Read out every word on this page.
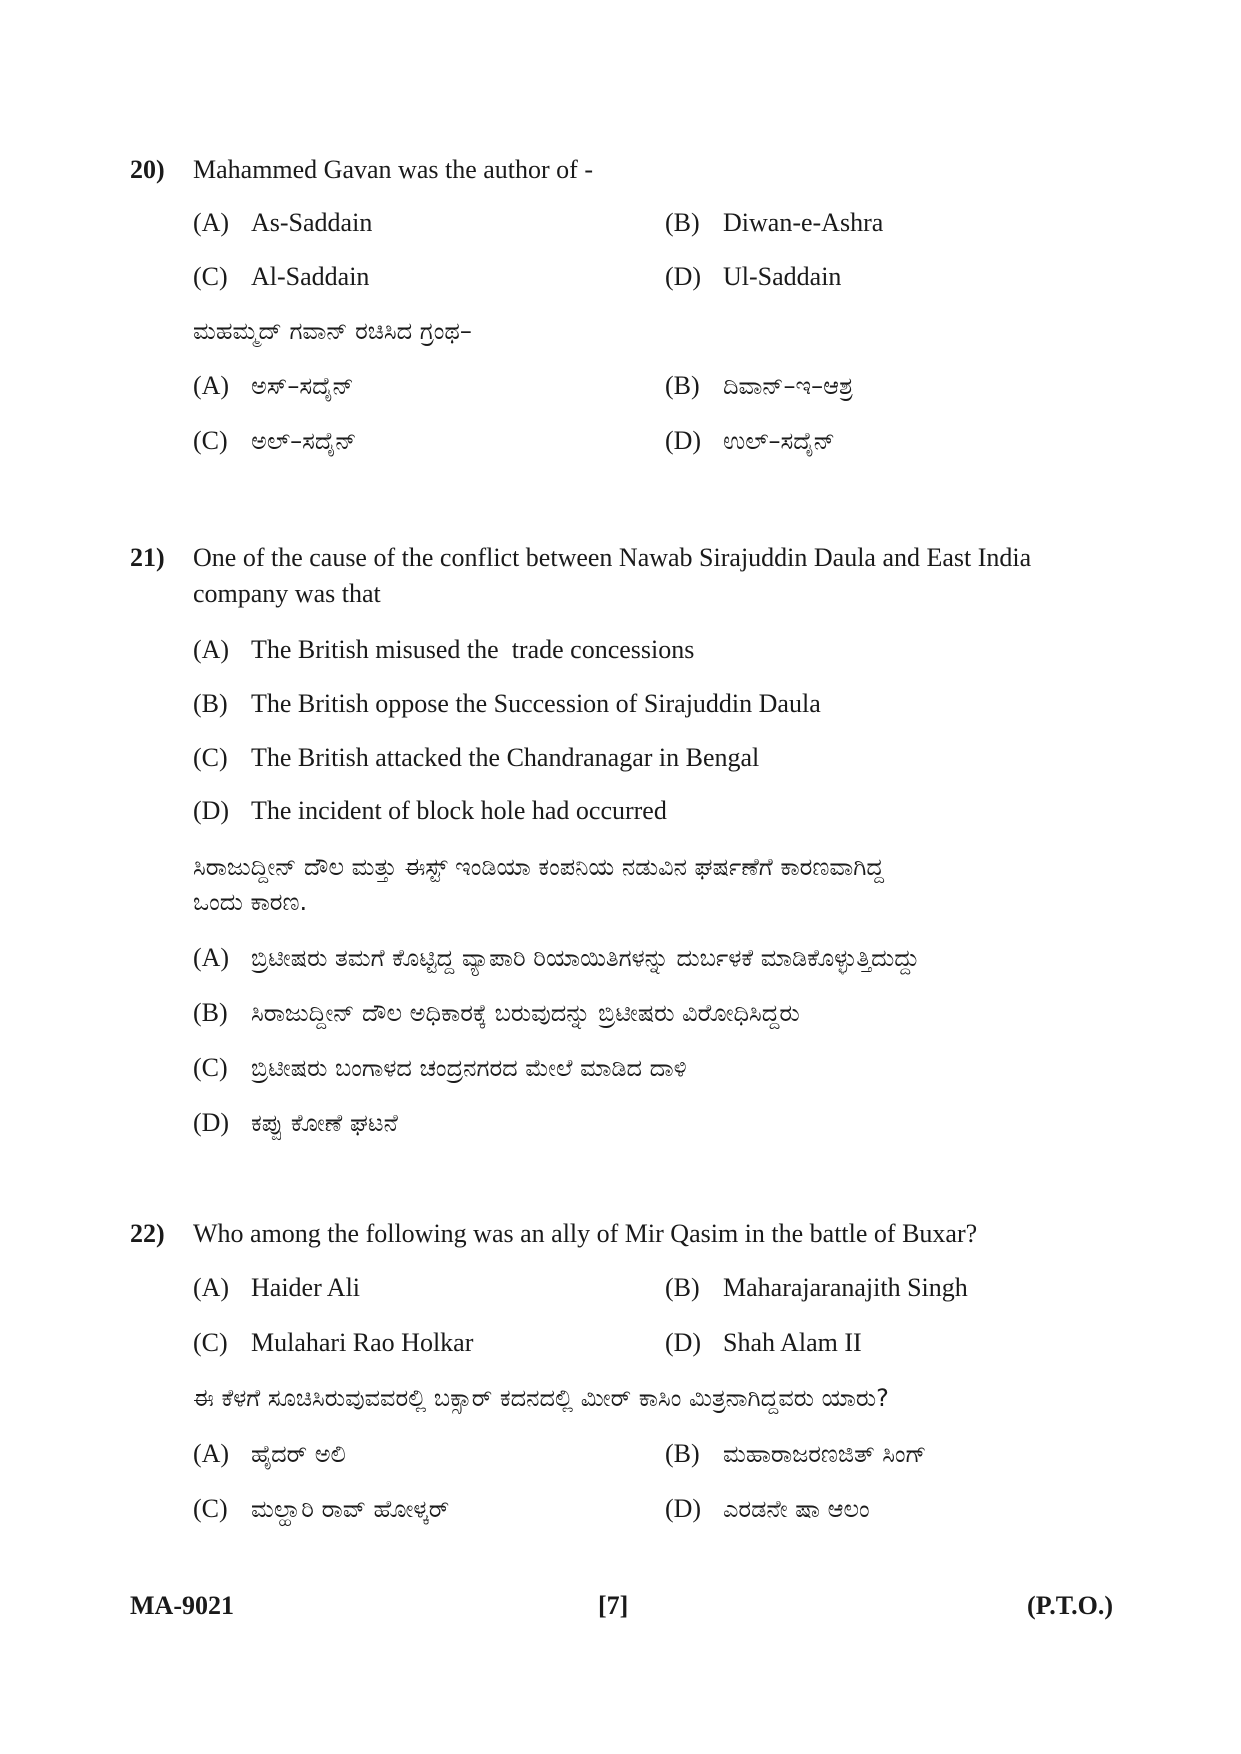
20) Mahammed Gavan was the author of -
(A) As-Saddain	(B) Diwan-e-Ashra
(C) Al-Saddain	(D) Ul-Saddain
ಮಹಮ್ಮದ್ ಗವಾನ್ ರಚಿಸಿದ ಗ್ರಂಥ–
(A) ಅಸ್–ಸದೈನ್	(B) ದಿವಾನ್–ಇ–ಆಶ್ರ
(C) ಅಲ್–ಸದೈನ್	(D) ಉಲ್–ಸದೈನ್
21) One of the cause of the conflict between Nawab Sirajuddin Daula and East India
company was that
(A) The British misused the  trade concessions
(B) The British oppose the Succession of Sirajuddin Daula
(C) The British attacked the Chandranagar in Bengal
(D) The incident of block hole had occurred
ಸಿರಾಜುದ್ದೀನ್ ದೌಲ ಮತ್ತು ಈಸ್ಟ್ ಇಂಡಿಯಾ ಕಂಪನಿಯ ನಡುವಿನ ಘರ್ಷಣೆಗೆ ಕಾರಣವಾಗಿದ್ದ
ಒಂದು ಕಾರಣ.
(A) ಬ್ರಿಟೀಷರು ತಮಗೆ ಕೊಟ್ಟಿದ್ದ ವ್ಯಾಪಾರಿ ರಿಯಾಯಿತಿಗಳನ್ನು ದುರ್ಬಳಕೆ ಮಾಡಿಕೊಳ್ಳುತ್ತಿದುದ್ದು
(B) ಸಿರಾಜುದ್ದೀನ್ ದೌಲ ಅಧಿಕಾರಕ್ಕೆ ಬರುವುದನ್ನು ಬ್ರಿಟೀಷರು ವಿರೋಧಿಸಿದ್ದರು
(C) ಬ್ರಿಟೀಷರು ಬಂಗಾಳದ ಚಂದ್ರನಗರದ ಮೇಲೆ ಮಾಡಿದ ದಾಳಿ
(D) ಕಪ್ಪು ಕೋಣೆ ಘಟನೆ
22) Who among the following was an ally of Mir Qasim in the battle of Buxar?
(A) Haider Ali	(B) Maharajaranajith Singh
(C) Mulahari Rao Holkar	(D) Shah Alam II
ಈ ಕೆಳಗೆ ಸೂಚಿಸಿರುವುವವರಲ್ಲಿ ಬಕ್ಸಾರ್ ಕದನದಲ್ಲಿ ಮೀರ್ ಕಾಸಿಂ ಮಿತ್ರನಾಗಿದ್ದವರು ಯಾರು?
(A) ಹೈದರ್ ಅಲಿ	(B) ಮಹಾರಾಜರಣಜಿತ್ ಸಿಂಗ್
(C) ಮಲ್ಹಾರಿ ರಾವ್ ಹೋಳ್ಕರ್	(D) ಎರಡನೇ ಷಾ ಆಲಂ
MA-9021	[7]	(P.T.O.)
